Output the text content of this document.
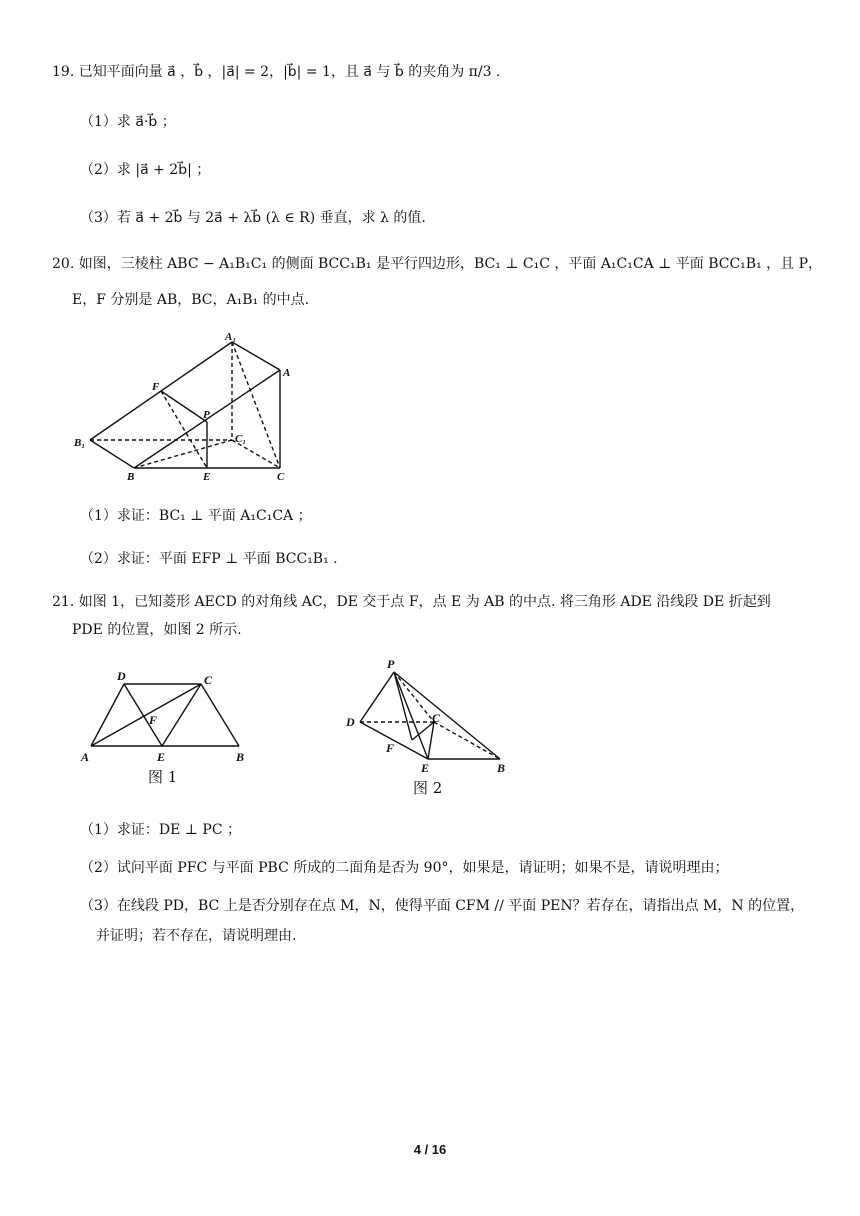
19. 已知平面向量 a⃗ ，b⃗ ，|a⃗| = 2，|b⃗| = 1，且 a⃗ 与 b⃗ 的夹角为 π/3 .
（1）求 a⃗·b⃗ ；
（2）求 |a⃗ + 2b⃗| ；
（3）若 a⃗ + 2b⃗ 与 2a⃗ + λb⃗ (λ ∈ R) 垂直，求 λ 的值.
20. 如图，三棱柱 ABC − A₁B₁C₁ 的侧面 BCC₁B₁ 是平行四边形，BC₁ ⊥ C₁C ，平面 A₁C₁CA ⊥ 平面 BCC₁B₁ ，且 P，
E，F 分别是 AB，BC，A₁B₁ 的中点.
A₁
A
F
P
C₁
B₁
B	E	C
（1）求证：BC₁ ⊥ 平面 A₁C₁CA ；
（2）求证：平面 EFP ⊥ 平面 BCC₁B₁ .
21. 如图 1，已知菱形 AECD 的对角线 AC，DE 交于点 F，点 E 为 AB 的中点. 将三角形 ADE 沿线段 DE 折起到
PDE 的位置，如图 2 所示.
D	C
F
A	E	B
图 1
P
D	C
F
E	B
图 2
（1）求证：DE ⊥ PC ；
（2）试问平面 PFC 与平面 PBC 所成的二面角是否为 90°，如果是，请证明；如果不是，请说明理由；
（3）在线段 PD，BC 上是否分别存在点 M，N，使得平面 CFM // 平面 PEN？若存在，请指出点 M，N 的位置，
并证明；若不存在，请说明理由.
4 / 16
